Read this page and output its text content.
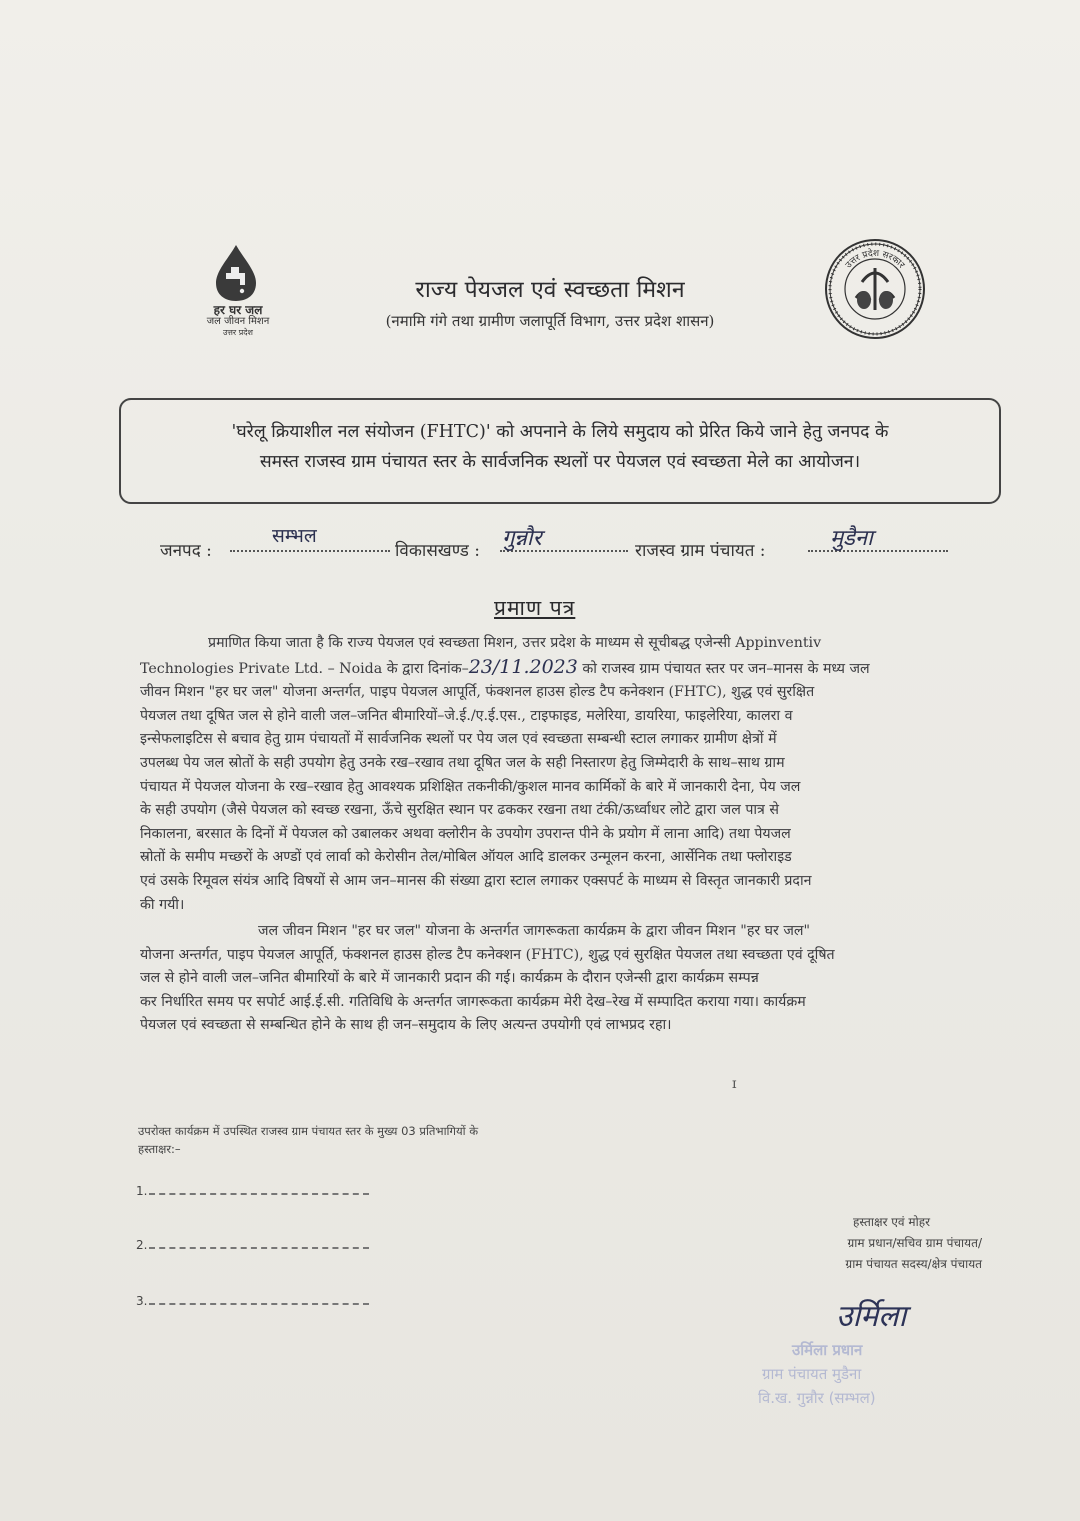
हर घर जल
जल जीवन मिशन
उत्तर प्रदेश
उत्तर प्रदेश सरकार
राज्य पेयजल एवं स्वच्छता मिशन
(नमामि गंगे तथा ग्रामीण जलापूर्ति विभाग, उत्तर प्रदेश शासन)

'घरेलू क्रियाशील नल संयोजन (FHTC)' को अपनाने के लिये समुदाय को प्रेरित किये जाने हेतु जनपद के

समस्त राजस्व ग्राम पंचायत स्तर के सार्वजनिक स्थलों पर पेयजल एवं स्वच्छता मेले का आयोजन।

जनपद :
सम्भल
विकासखण्ड : गुन्नौर	राजस्व ग्राम पंचायत :	मुडैना
प्रमाण पत्र
प्रमाणित किया जाता है कि राज्य पेयजल एवं स्वच्छता मिशन, उत्तर प्रदेश के माध्यम से सूचीबद्ध एजेन्सी Appinventiv
Technologies Private Ltd. – Noida के द्वारा दिनांक–23/11.2023 को राजस्व ग्राम पंचायत स्तर पर जन–मानस के मध्य जल
जीवन मिशन "हर घर जल" योजना अन्तर्गत, पाइप पेयजल आपूर्ति, फंक्शनल हाउस होल्ड टैप कनेक्शन (FHTC), शुद्ध एवं सुरक्षित
पेयजल तथा दूषित जल से होने वाली जल–जनित बीमारियों–जे.ई./ए.ई.एस., टाइफाइड, मलेरिया, डायरिया, फाइलेरिया, कालरा व
इन्सेफलाइटिस से बचाव हेतु ग्राम पंचायतों में सार्वजनिक स्थलों पर पेय जल एवं स्वच्छता सम्बन्धी स्टाल लगाकर ग्रामीण क्षेत्रों में
उपलब्ध पेय जल स्रोतों के सही उपयोग हेतु उनके रख–रखाव तथा दूषित जल के सही निस्तारण हेतु जिम्मेदारी के साथ–साथ ग्राम
पंचायत में पेयजल योजना के रख–रखाव हेतु आवश्यक प्रशिक्षित तकनीकी/कुशल मानव कार्मिकों के बारे में जानकारी देना, पेय जल
के सही उपयोग (जैसे पेयजल को स्वच्छ रखना, ऊँचे सुरक्षित स्थान पर ढककर रखना तथा टंकी/ऊर्ध्वाधर लोटे द्वारा जल पात्र से
निकालना, बरसात के दिनों में पेयजल को उबालकर अथवा क्लोरीन के उपयोग उपरान्त पीने के प्रयोग में लाना आदि) तथा पेयजल
स्रोतों के समीप मच्छरों के अण्डों एवं लार्वा को केरोसीन तेल/मोबिल ऑयल आदि डालकर उन्मूलन करना, आर्सेनिक तथा फ्लोराइड
एवं उसके रिमूवल संयंत्र आदि विषयों से आम जन–मानस की संख्या द्वारा स्टाल लगाकर एक्सपर्ट के माध्यम से विस्तृत जानकारी प्रदान
की गयी।
जल जीवन मिशन "हर घर जल" योजना के अन्तर्गत जागरूकता कार्यक्रम के द्वारा जीवन मिशन "हर घर जल"
योजना अन्तर्गत, पाइप पेयजल आपूर्ति, फंक्शनल हाउस होल्ड टैप कनेक्शन (FHTC), शुद्ध एवं सुरक्षित पेयजल तथा स्वच्छता एवं दूषित
जल से होने वाली जल–जनित बीमारियों के बारे में जानकारी प्रदान की गई। कार्यक्रम के दौरान एजेन्सी द्वारा कार्यक्रम सम्पन्न
कर निर्धारित समय पर सपोर्ट आई.ई.सी. गतिविधि के अन्तर्गत जागरूकता कार्यक्रम मेरी देख–रेख में सम्पादित कराया गया। कार्यक्रम
पेयजल एवं स्वच्छता से सम्बन्धित होने के साथ ही जन–समुदाय के लिए अत्यन्त उपयोगी एवं लाभप्रद रहा।
ɪ
उपरोक्त कार्यक्रम में उपस्थित राजस्व ग्राम पंचायत स्तर के मुख्य 03 प्रतिभागियों के
हस्ताक्षर:–
1.
2.
3.
हस्ताक्षर एवं मोहर
ग्राम प्रधान/सचिव ग्राम पंचायत/
ग्राम पंचायत सदस्य/क्षेत्र पंचायत
उर्मिला
उर्मिला प्रधान
ग्राम पंचायत मुडैना
वि.ख. गुन्नौर (सम्भल)
